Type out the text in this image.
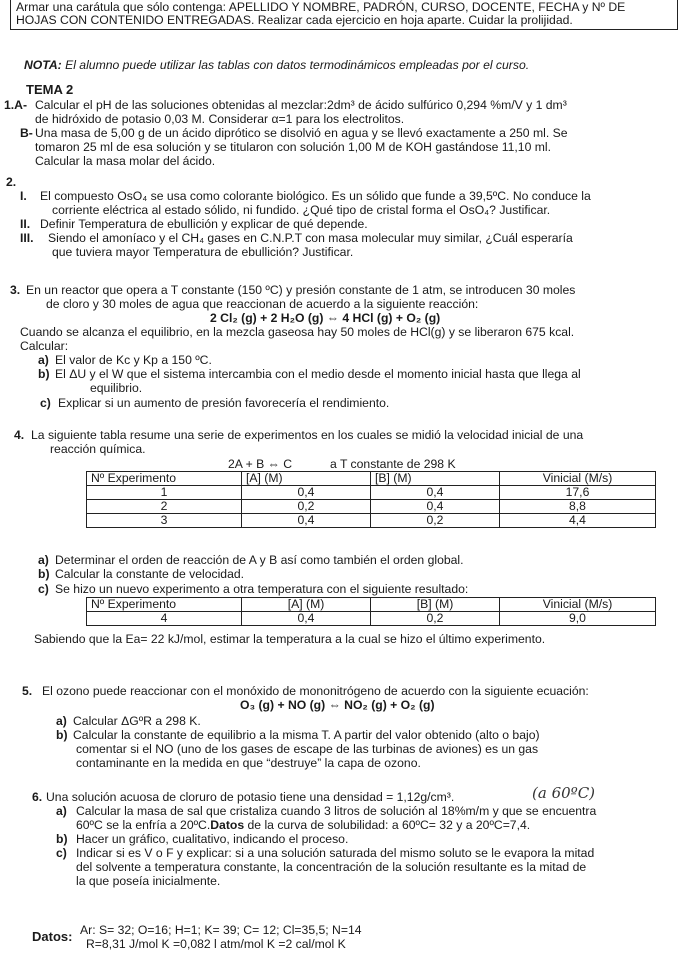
Armar una carátula que sólo contenga: APELLIDO Y NOMBRE, PADRÓN, CURSO, DOCENTE, FECHA y Nº DE
HOJAS CON CONTENIDO ENTREGADAS. Realizar cada ejercicio en hoja aparte. Cuidar la prolijidad.
NOTA: El alumno puede utilizar las tablas con datos termodinámicos empleadas por el curso.
TEMA 2
1.A- Calcular el pH de las soluciones obtenidas al mezclar:2dm³ de ácido sulfúrico 0,294 %m/V y 1 dm³
de hidróxido de potasio 0,03 M. Considerar α=1 para los electrolitos.
B- Una masa de 5,00 g de un ácido diprótico se disolvió en agua y se llevó exactamente a 250 ml. Se
tomaron 25 ml de esa solución y se titularon con solución 1,00 M de KOH gastándose 11,10 ml.
Calcular la masa molar del ácido.
2.
I. El compuesto OsO₄ se usa como colorante biológico. Es un sólido que funde a 39,5ºC. No conduce la
corriente eléctrica al estado sólido, ni fundido. ¿Qué tipo de cristal forma el OsO₄? Justificar.
II. Definir Temperatura de ebullición y explicar de qué depende.
III. Siendo el amoníaco y el CH₄ gases en C.N.P.T con masa molecular muy similar, ¿Cuál esperaría
que tuviera mayor Temperatura de ebullición? Justificar.
3. En un reactor que opera a T constante (150 ºC) y presión constante de 1 atm, se introducen 30 moles
de cloro y 30 moles de agua que reaccionan de acuerdo a la siguiente reacción:
2 Cl₂ (g) + 2 H₂O (g) ⇔ 4 HCl (g) + O₂ (g)
Cuando se alcanza el equilibrio, en la mezcla gaseosa hay 50 moles de HCl(g) y se liberaron 675 kcal.
Calcular:
a) El valor de Kc y Kp a 150 ºC.
b) El ΔU y el W que el sistema intercambia con el medio desde el momento inicial hasta que llega al
equilibrio.
c) Explicar si un aumento de presión favorecería el rendimiento.
4. La siguiente tabla resume una serie de experimentos en los cuales se midió la velocidad inicial de una
reacción química.
2A + B ⇔ C	a T constante de 298 K
Nº Experimento	[A] (M)	[B] (M)	Vinicial (M/s)
1	0,4	0,4	17,6
2	0,2	0,4	8,8
3	0,4	0,2	4,4
a) Determinar el orden de reacción de A y B así como también el orden global.
b) Calcular la constante de velocidad.
c) Se hizo un nuevo experimento a otra temperatura con el siguiente resultado:
Nº Experimento	[A] (M)	[B] (M)	Vinicial (M/s)
4	0,4	0,2	9,0
Sabiendo que la Ea= 22 kJ/mol, estimar la temperatura a la cual se hizo el último experimento.
5. El ozono puede reaccionar con el monóxido de mononitrógeno de acuerdo con la siguiente ecuación:
O₃ (g) + NO (g) ⇔ NO₂ (g) + O₂ (g)
a) Calcular ΔGºR a 298 K.
b) Calcular la constante de equilibrio a la misma T. A partir del valor obtenido (alto o bajo)
comentar si el NO (uno de los gases de escape de las turbinas de aviones) es un gas
contaminante en la medida en que “destruye” la capa de ozono.
6. Una solución acuosa de cloruro de potasio tiene una densidad = 1,12g/cm³.	(a 60ºC)
a) Calcular la masa de sal que cristaliza cuando 3 litros de solución al 18%m/m y que se encuentra
60ºC se la enfría a 20ºC.Datos de la curva de solubilidad: a 60ºC= 32 y a 20ºC=7,4.
b) Hacer un gráfico, cualitativo, indicando el proceso.
c) Indicar si es V o F y explicar: si a una solución saturada del mismo soluto se le evapora la mitad
del solvente a temperatura constante, la concentración de la solución resultante es la mitad de
la que poseía inicialmente.
Datos: Ar: S= 32; O=16; H=1; K= 39; C= 12; Cl=35,5; N=14
R=8,31 J/mol K =0,082 l atm/mol K =2 cal/mol K
